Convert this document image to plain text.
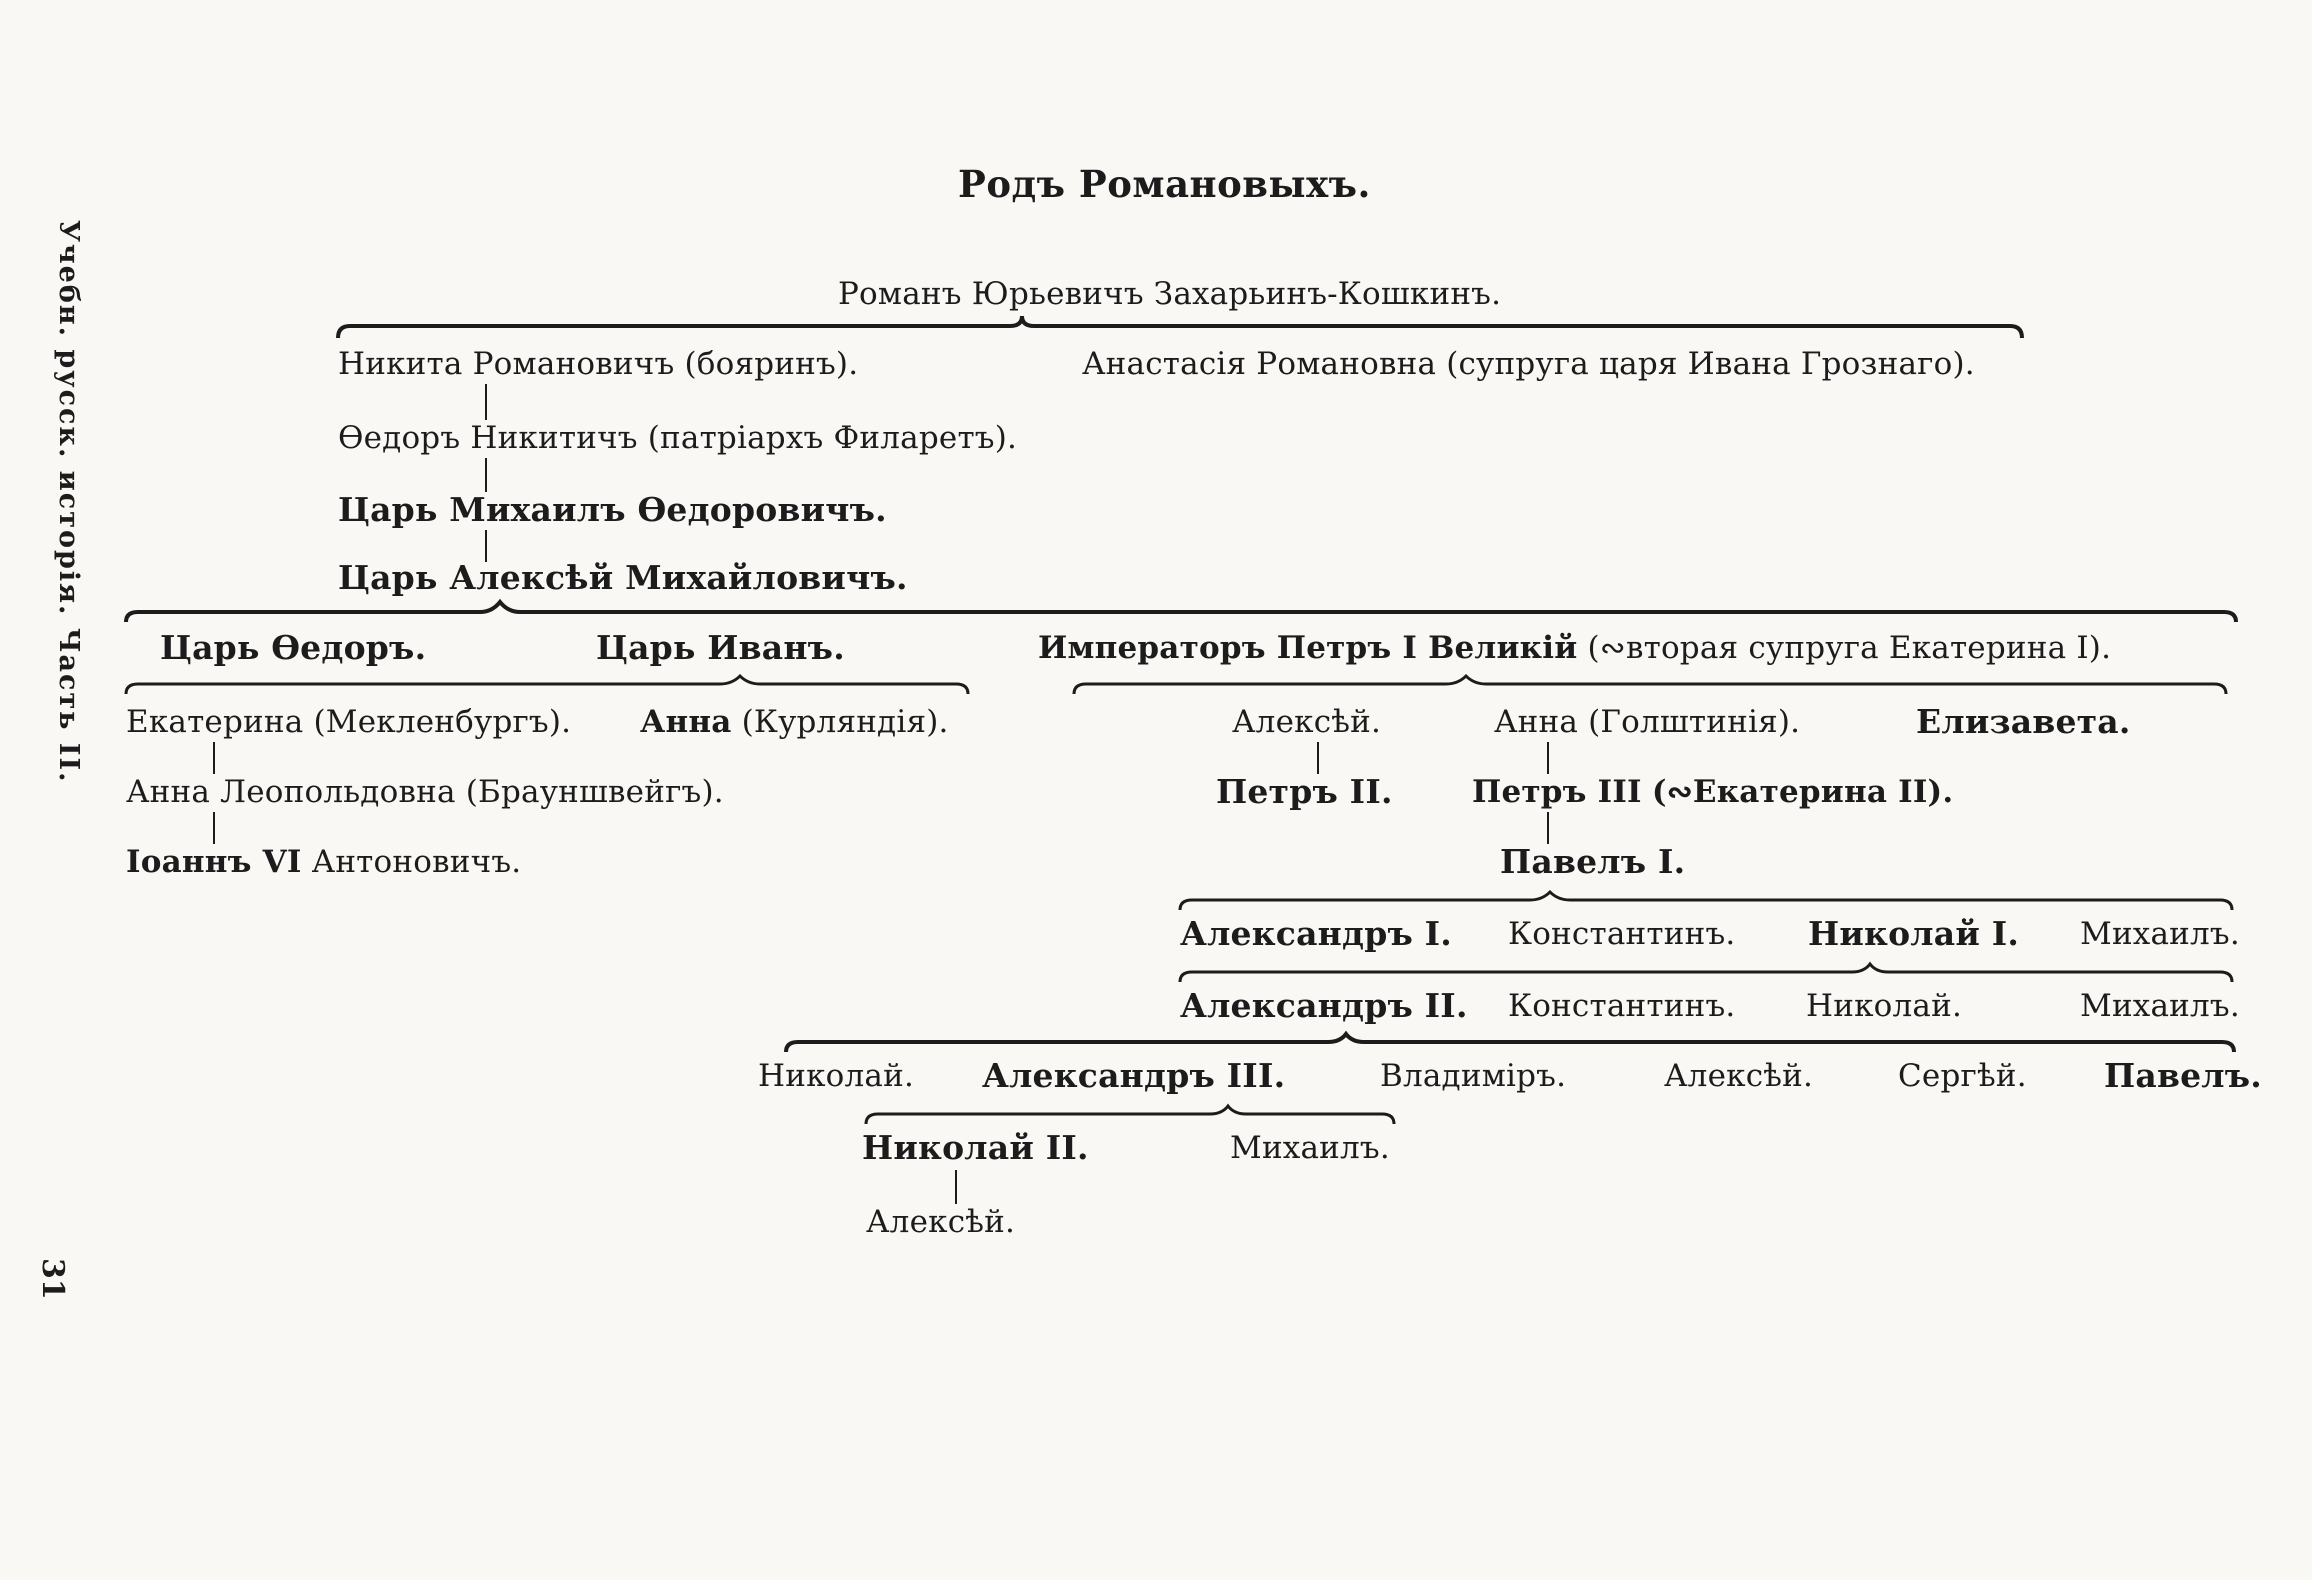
Учебн. русск. исторія. Часть II.
31
Родъ Романовыхъ.
Романъ Юрьевичъ Захарьинъ-Кошкинъ.
Никита Романовичъ (бояринъ).	Анастасія Романовна (супруга царя Ивана Грознаго).
Өедоръ Никитичъ (патріархъ Филаретъ).
Царь Михаилъ Өедоровичъ.
Царь Алексѣй Михайловичъ.
Царь Өедоръ.	Царь Иванъ.	Императоръ Петръ I Великій (∾вторая супруга Екатерина I).
Екатерина (Мекленбургъ). Анна (Курляндія).	Алексѣй.	Анна (Голштинія).	Елизавета.
Анна Леопольдовна (Брауншвейгъ).	Петръ II.	Петръ III (∾Екатерина II).
Іоаннъ VI Антоновичъ.	Павелъ I.
Александръ I. Константинъ. Николай I. Михаилъ.
Александръ II. Константинъ. Николай.	Михаилъ.
Николай. Александръ III.	Владиміръ.	Алексѣй.	Сергѣй. Павелъ.
Николай II.	Михаилъ.
Алексѣй.
